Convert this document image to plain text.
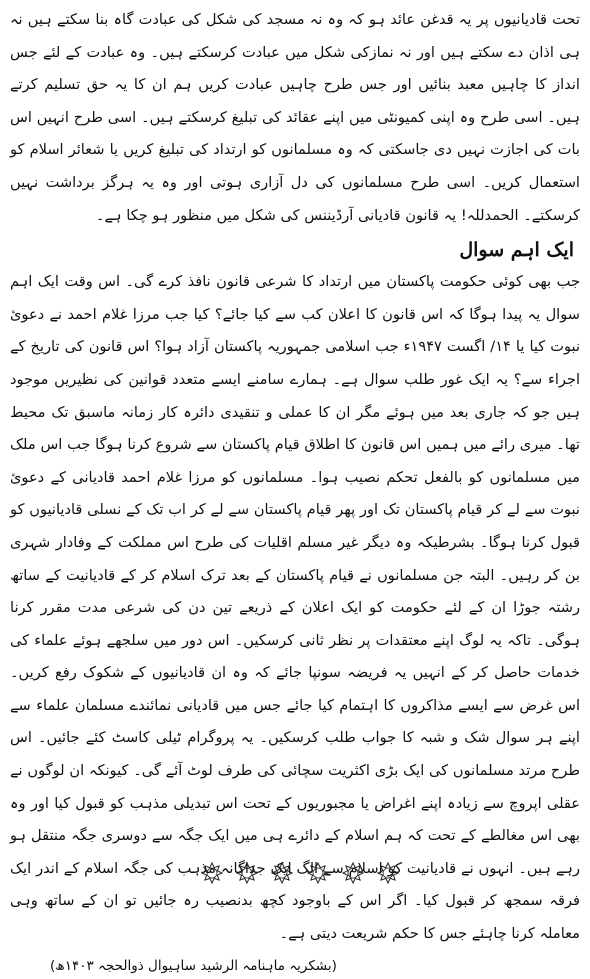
تحت قادیانیوں پر یہ قدغن عائد ہو کہ وہ نہ مسجد کی شکل کی عبادت گاہ بنا سکتے ہیں نہ ہی اذان دے سکتے ہیں اور نہ نمازکی شکل میں عبادت کرسکتے ہیں۔ وہ عبادت کے لئے جس انداز کا چاہیں معبد بنائیں اور جس طرح چاہیں عبادت کریں ہم ان کا یہ حق تسلیم کرتے ہیں۔ اسی طرح وہ اپنی کمیونٹی میں اپنے عقائد کی تبلیغ کرسکتے ہیں۔ اسی طرح انہیں اس بات کی اجازت نہیں دی جاسکتی کہ وہ مسلمانوں کو ارتداد کی تبلیغ کریں یا شعائر اسلام کو استعمال کریں۔ اسی طرح مسلمانوں کی دل آزاری ہوتی اور وہ یہ ہرگز برداشت نہیں کرسکتے۔ الحمدللہ! یہ قانون قادیانی آرڈیننس کی شکل میں منظور ہو چکا ہے۔

ایک اہم سوال

جب بھی کوئی حکومت پاکستان میں ارتداد کا شرعی قانون نافذ کرے گی۔ اس وقت ایک اہم سوال یہ پیدا ہوگا کہ اس قانون کا اعلان کب سے کیا جائے؟ کیا جب مرزا غلام احمد نے دعوئ نبوت کیا یا ۱۴/ اگست ۱۹۴۷ء جب اسلامی جمہوریہ پاکستان آزاد ہوا؟ اس قانون کی تاریخ کے اجراء سے؟ یہ ایک غور طلب سوال ہے۔ ہمارے سامنے ایسے متعدد قوانین کی نظیریں موجود ہیں جو کہ جاری بعد میں ہوئے مگر ان کا عملی و تنقیدی دائرہ کار زمانہ ماسبق تک محیط تھا۔ میری رائے میں ہمیں اس قانون کا اطلاق قیام پاکستان سے شروع کرنا ہوگا جب اس ملک میں مسلمانوں کو بالفعل تحکم نصیب ہوا۔ مسلمانوں کو مرزا غلام احمد قادیانی کے دعوئ نبوت سے لے کر قیام پاکستان تک اور پھر قیام پاکستان سے لے کر اب تک کے نسلی قادیانیوں کو قبول کرنا ہوگا۔ بشرطیکہ وہ دیگر غیر مسلم اقلیات کی طرح اس مملکت کے وفادار شہری بن کر رہیں۔ البتہ جن مسلمانوں نے قیام پاکستان کے بعد ترک اسلام کر کے قادیانیت کے ساتھ رشتہ جوڑا ان کے لئے حکومت کو ایک اعلان کے ذریعے تین دن کی شرعی مدت مقرر کرنا ہوگی۔ تاکہ یہ لوگ اپنے معتقدات پر نظر ثانی کرسکیں۔ اس دور میں سلجھے ہوئے علماء کی خدمات حاصل کر کے انہیں یہ فریضہ سونپا جائے کہ وہ ان قادیانیوں کے شکوک رفع کریں۔ اس غرض سے ایسے مذاکروں کا اہتمام کیا جائے جس میں قادیانی نمائندے مسلمان علماء سے اپنے ہر سوال شک و شبہ کا جواب طلب کرسکیں۔ یہ پروگرام ٹیلی کاسٹ کئے جائیں۔ اس طرح مرتد مسلمانوں کی ایک بڑی اکثریت سچائی کی طرف لوٹ آئے گی۔ کیونکہ ان لوگوں نے عقلی اپروچ سے زیادہ اپنے اغراض یا مجبوریوں کے تحت اس تبدیلی مذہب کو قبول کیا اور وہ بھی اس مغالطے کے تحت کہ ہم اسلام کے دائرے ہی میں ایک جگہ سے دوسری جگہ منتقل ہو رہے ہیں۔ انہوں نے قادیانیت کو اسلام سے الگ ایک جداگانہ مذہب کی جگہ اسلام کے اندر ایک فرقہ سمجھ کر قبول کیا۔ اگر اس کے باوجود کچھ بدنصیب رہ جائیں تو ان کے ساتھ وہی معاملہ کرنا چاہئے جس کا حکم شریعت دیتی ہے۔

(بشکریہ ماہنامہ الرشید ساہیوال ذوالحجہ ۱۴۰۳ھ)
